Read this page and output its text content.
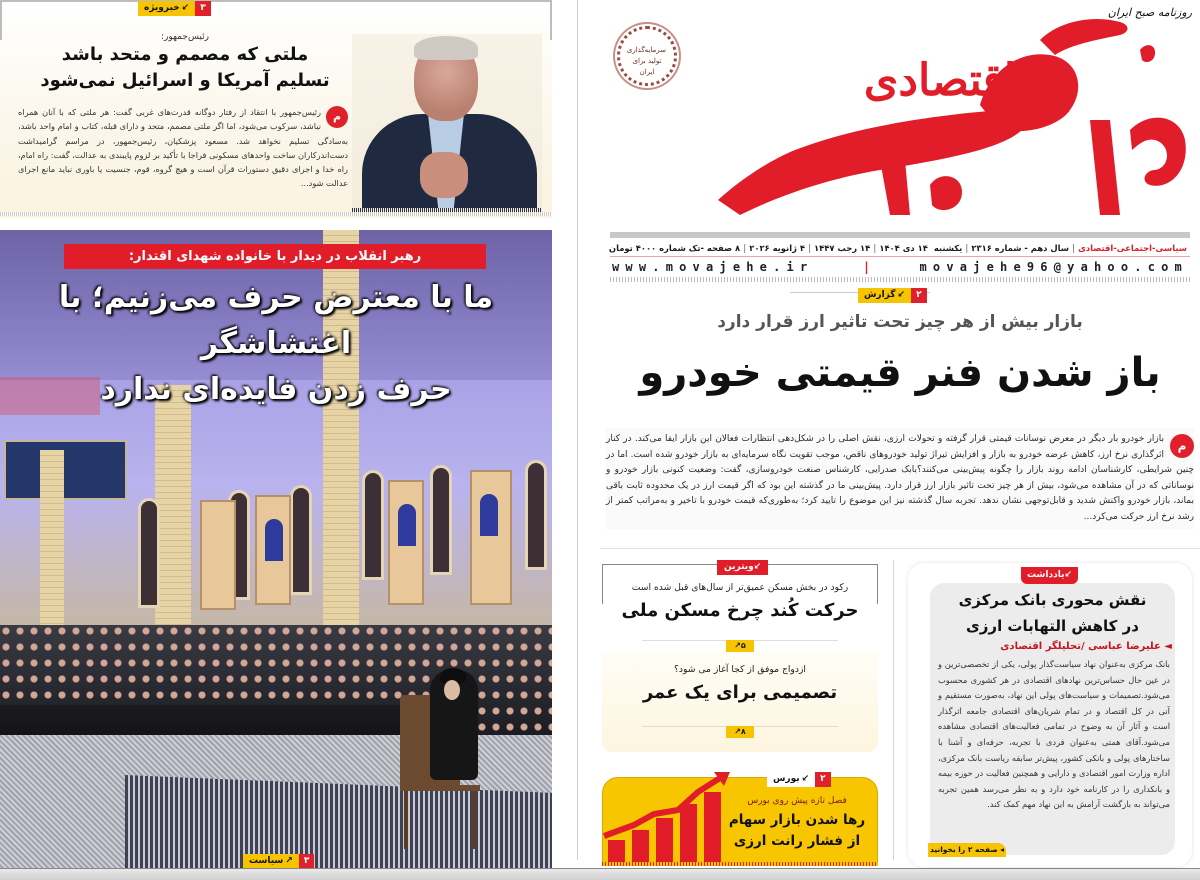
۳
↙خبرویژه
رئیس‌جمهور:
ملتی که مصمم و متحد باشد
تسلیم آمریکا و اسرائیل نمی‌شود
م
رئیس‌جمهور با انتقاد از رفتار دوگانه قدرت‌های غربی گفت: هر ملتی که با آنان همراه نباشد، سرکوب می‌شود، اما اگر ملتی مصمم، متحد و دارای قبله، کتاب و امام واحد باشد، به‌سادگی تسلیم نخواهد شد. مسعود پزشکیان، رئیس‌جمهور، در مراسم گرامیداشت دست‌اندرکاران ساخت واحدهای مسکونی فراجا با تأکید بر لزوم پایبندی به عدالت، گفت: راه امام، راه خدا و اجرای دقیق دستورات قرآن است و هیچ گروه، قوم، جنسیت یا باوری نباید مانع اجرای عدالت شود...
رهبر انقلاب در دیدار با خانواده شهدای اقتدار:
ما با معترض حرف می‌زنیم؛ با اغتشاشگر
حرف زدن فایده‌ای ندارد
۳
↗سیاست
روزنامه صبح ایران
سرمایه‌گذاری تولید برای ایران	اقتصادی
سیاسی-اجتماعی-اقتصادی
|
سال دهم - شماره ۲۳۱۶
|
یکشنبه
۱۴ دی ۱۴۰۴
|
۱۴ رجب ۱۴۴۷
|
۴ ژانویه ۲۰۲۶
|
۸ صفحه -تک شماره ۴۰۰۰ تومان
www.movajehe.ir	|	movajehe96@yahoo.com
۲
↙گزارش
بازار بیش از هر چیز تحت تاثیر ارز قرار دارد
باز شدن فنر قیمتی خودرو
م
بازار خودرو بار دیگر در معرض نوسانات قیمتی قرار گرفته و تحولات ارزی، نقش اصلی را در شکل‌دهی انتظارات فعالان این بازار ایفا می‌کند. در کنار اثرگذاری نرخ ارز، کاهش عرضه خودرو به بازار و افزایش تیراژ تولید خودروهای ناقص، موجب تقویت نگاه سرمایه‌ای به بازار خودرو شده است. اما در چنین شرایطی، کارشناسان ادامه روند بازار را چگونه پیش‌بینی می‌کنند؟بابک صدرایی، کارشناس صنعت خودروسازی، گفت: وضعیت کنونی بازار خودرو و نوساناتی که در آن مشاهده می‌شود، بیش از هر چیز تحت تاثیر بازار ارز قرار دارد. پیش‌بینی ما در گذشته این بود که اگر قیمت ارز در یک محدوده ثابت باقی بماند، بازار خودرو واکنش شدید و قابل‌توجهی نشان ندهد. تجربه سال گذشته نیز این موضوع را تایید کرد؛ به‌طوری‌که قیمت خودرو با تاخیر و به‌مراتب کمتر از رشد نرخ ارز حرکت می‌کرد...
↙ویترین
رکود در بخش مسکن عمیق‌تر از سال‌های قبل شده است
حرکت کُند چرخ مسکن ملی
۵↗
ازدواج موفق از کجا آغاز می شود؟
تصمیمی برای یک عمر
۸↗
۲
↙بورس
فصل تازه پیش روی بورس
رها شدن بازار سهام
از فشار رانت ارزی
↙یادداشت
نقش محوری بانک مرکزی
در کاهش التهابات ارزی
◄ علیرضا عباسی /تحلیلگر اقتصادی
بانک مرکزی به‌عنوان نهاد سیاست‌گذار پولی، یکی از تخصصی‌ترین و در عین حال حساس‌ترین نهادهای اقتصادی در هر کشوری محسوب می‌شود.تصمیمات و سیاست‌های پولی این نهاد، به‌صورت مستقیم و آنی در کل اقتصاد و در تمام شریان‌های اقتصادی جامعه اثرگذار است و آثار آن به وضوح در تمامی فعالیت‌های اقتصادی مشاهده می‌شود.آقای همتی به‌عنوان فردی با تجربه، حرفه‌ای و آشنا با ساختارهای پولی و بانکی کشور، پیش‌تر سابقه ریاست بانک مرکزی، اداره وزارت امور اقتصادی و دارایی و همچنین فعالیت در حوزه بیمه و بانکداری را در کارنامه خود دارد و به نظر می‌رسد همین تجربه می‌تواند به بازگشت آرامش به این نهاد مهم کمک کند.
◂ صفحه ۲ را بخوانید
